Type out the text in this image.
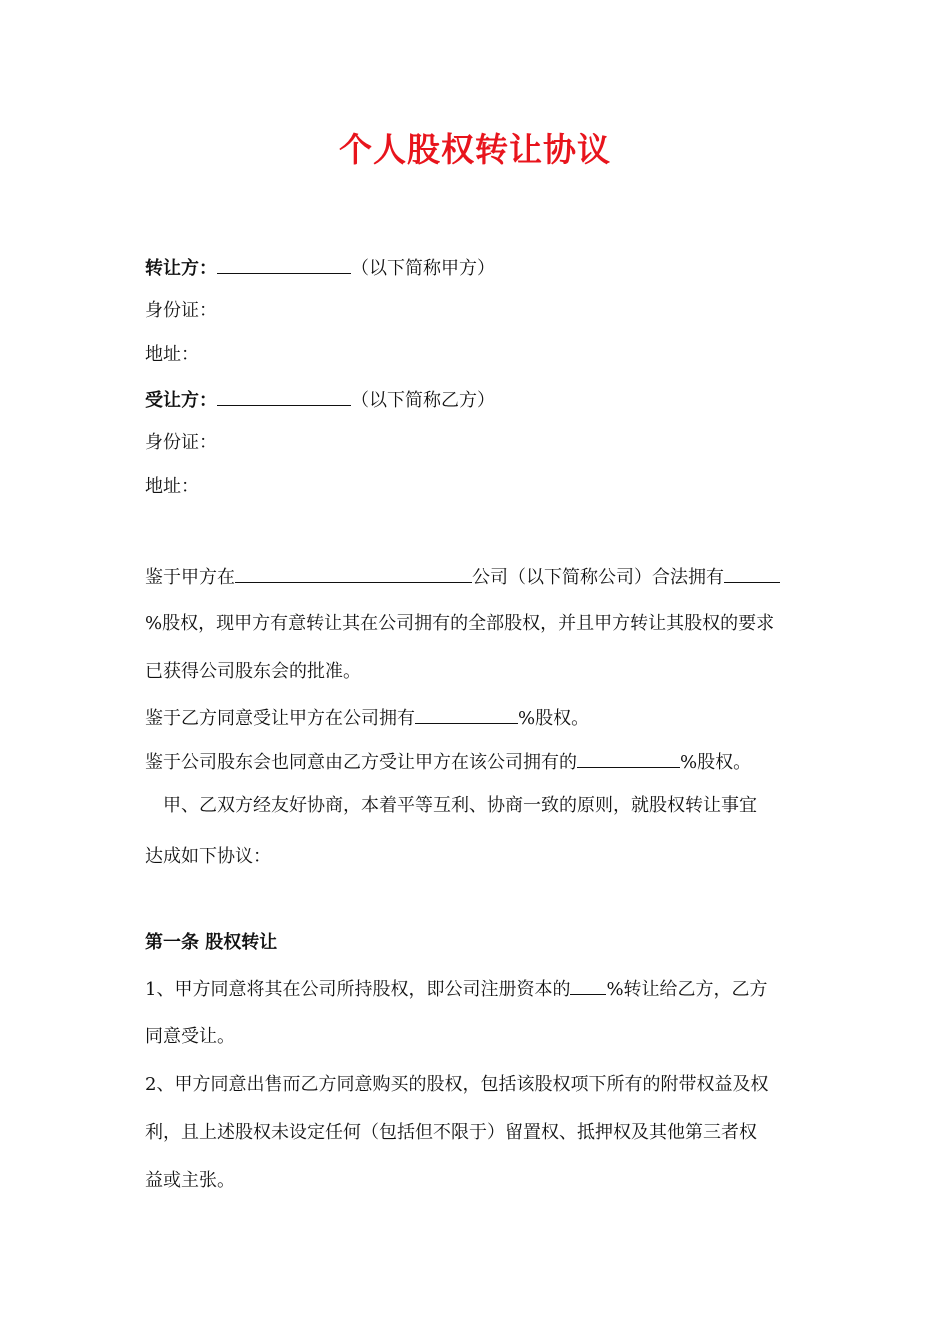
个人股权转让协议
转让方：	（以下简称甲方）
身份证：
地址：
受让方：	（以下简称乙方）
身份证：
地址：
鉴于甲方在	公司（以下简称公司）合法拥有
%股权，现甲方有意转让其在公司拥有的全部股权，并且甲方转让其股权的要求
已获得公司股东会的批准。
鉴于乙方同意受让甲方在公司拥有	%股权。
鉴于公司股东会也同意由乙方受让甲方在该公司拥有的	%股权。
甲、乙双方经友好协商，本着平等互利、协商一致的原则，就股权转让事宜
达成如下协议：
第一条 股权转让
1、甲方同意将其在公司所持股权，即公司注册资本的 %转让给乙方，乙方
同意受让。
2、甲方同意出售而乙方同意购买的股权，包括该股权项下所有的附带权益及权
利，且上述股权未设定任何（包括但不限于）留置权、抵押权及其他第三者权
益或主张。
